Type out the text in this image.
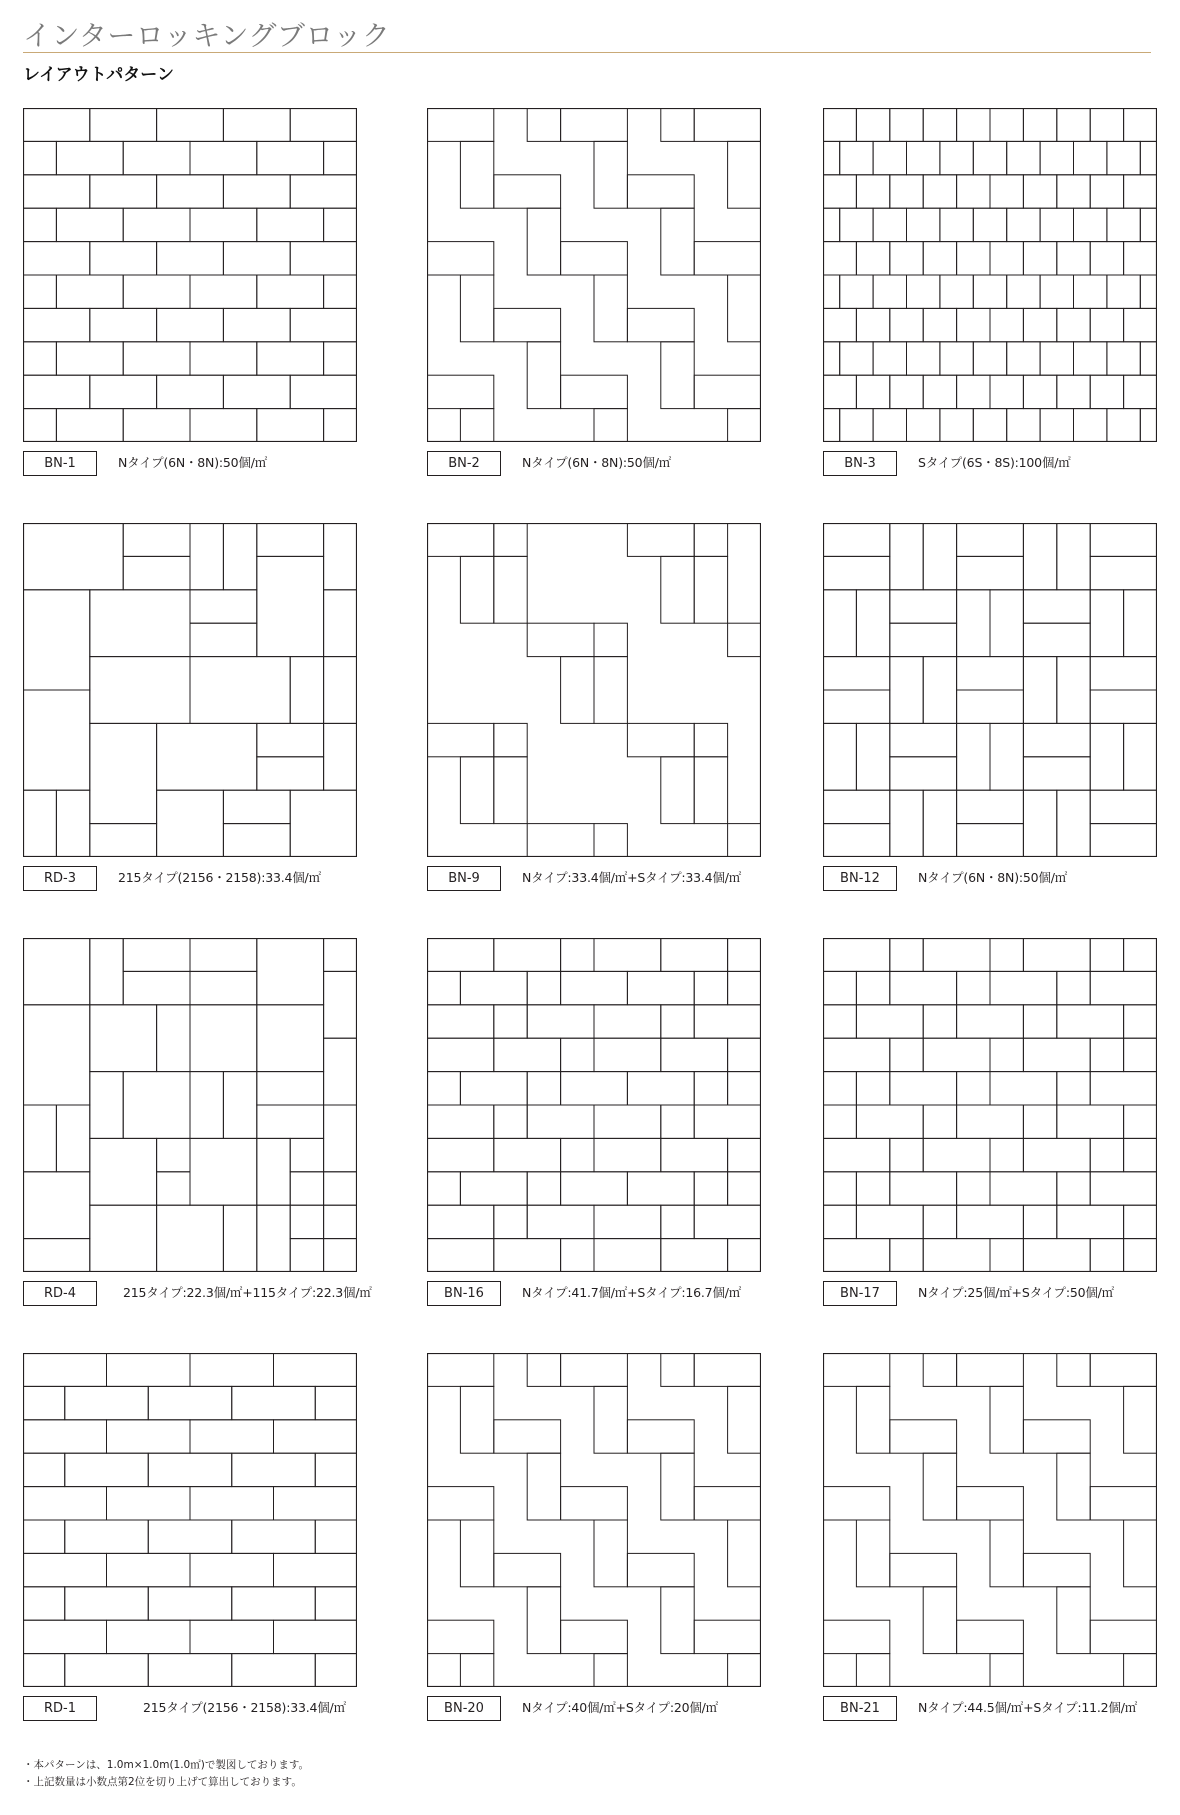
インターロッキングブロック
レイアウトパターン
BN-1	Nタイプ(6N・8N):50個/㎡	BN-2	Nタイプ(6N・8N):50個/㎡	BN-3	Sタイプ(6S・8S):100個/㎡
RD-3	215タイプ(2156・2158):33.4個/㎡	BN-9	Nタイプ:33.4個/㎡+Sタイプ:33.4個/㎡	BN-12	Nタイプ(6N・8N):50個/㎡
RD-4	215タイプ:22.3個/㎡+115タイプ:22.3個/㎡	BN-16	Nタイプ:41.7個/㎡+Sタイプ:16.7個/㎡	BN-17	Nタイプ:25個/㎡+Sタイプ:50個/㎡
RD-1	215タイプ(2156・2158):33.4個/㎡	BN-20	Nタイプ:40個/㎡+Sタイプ:20個/㎡	BN-21	Nタイプ:44.5個/㎡+Sタイプ:11.2個/㎡
・本パターンは、1.0m×1.0m(1.0㎡)で製図しております。
・上記数量は小数点第2位を切り上げて算出しております。
